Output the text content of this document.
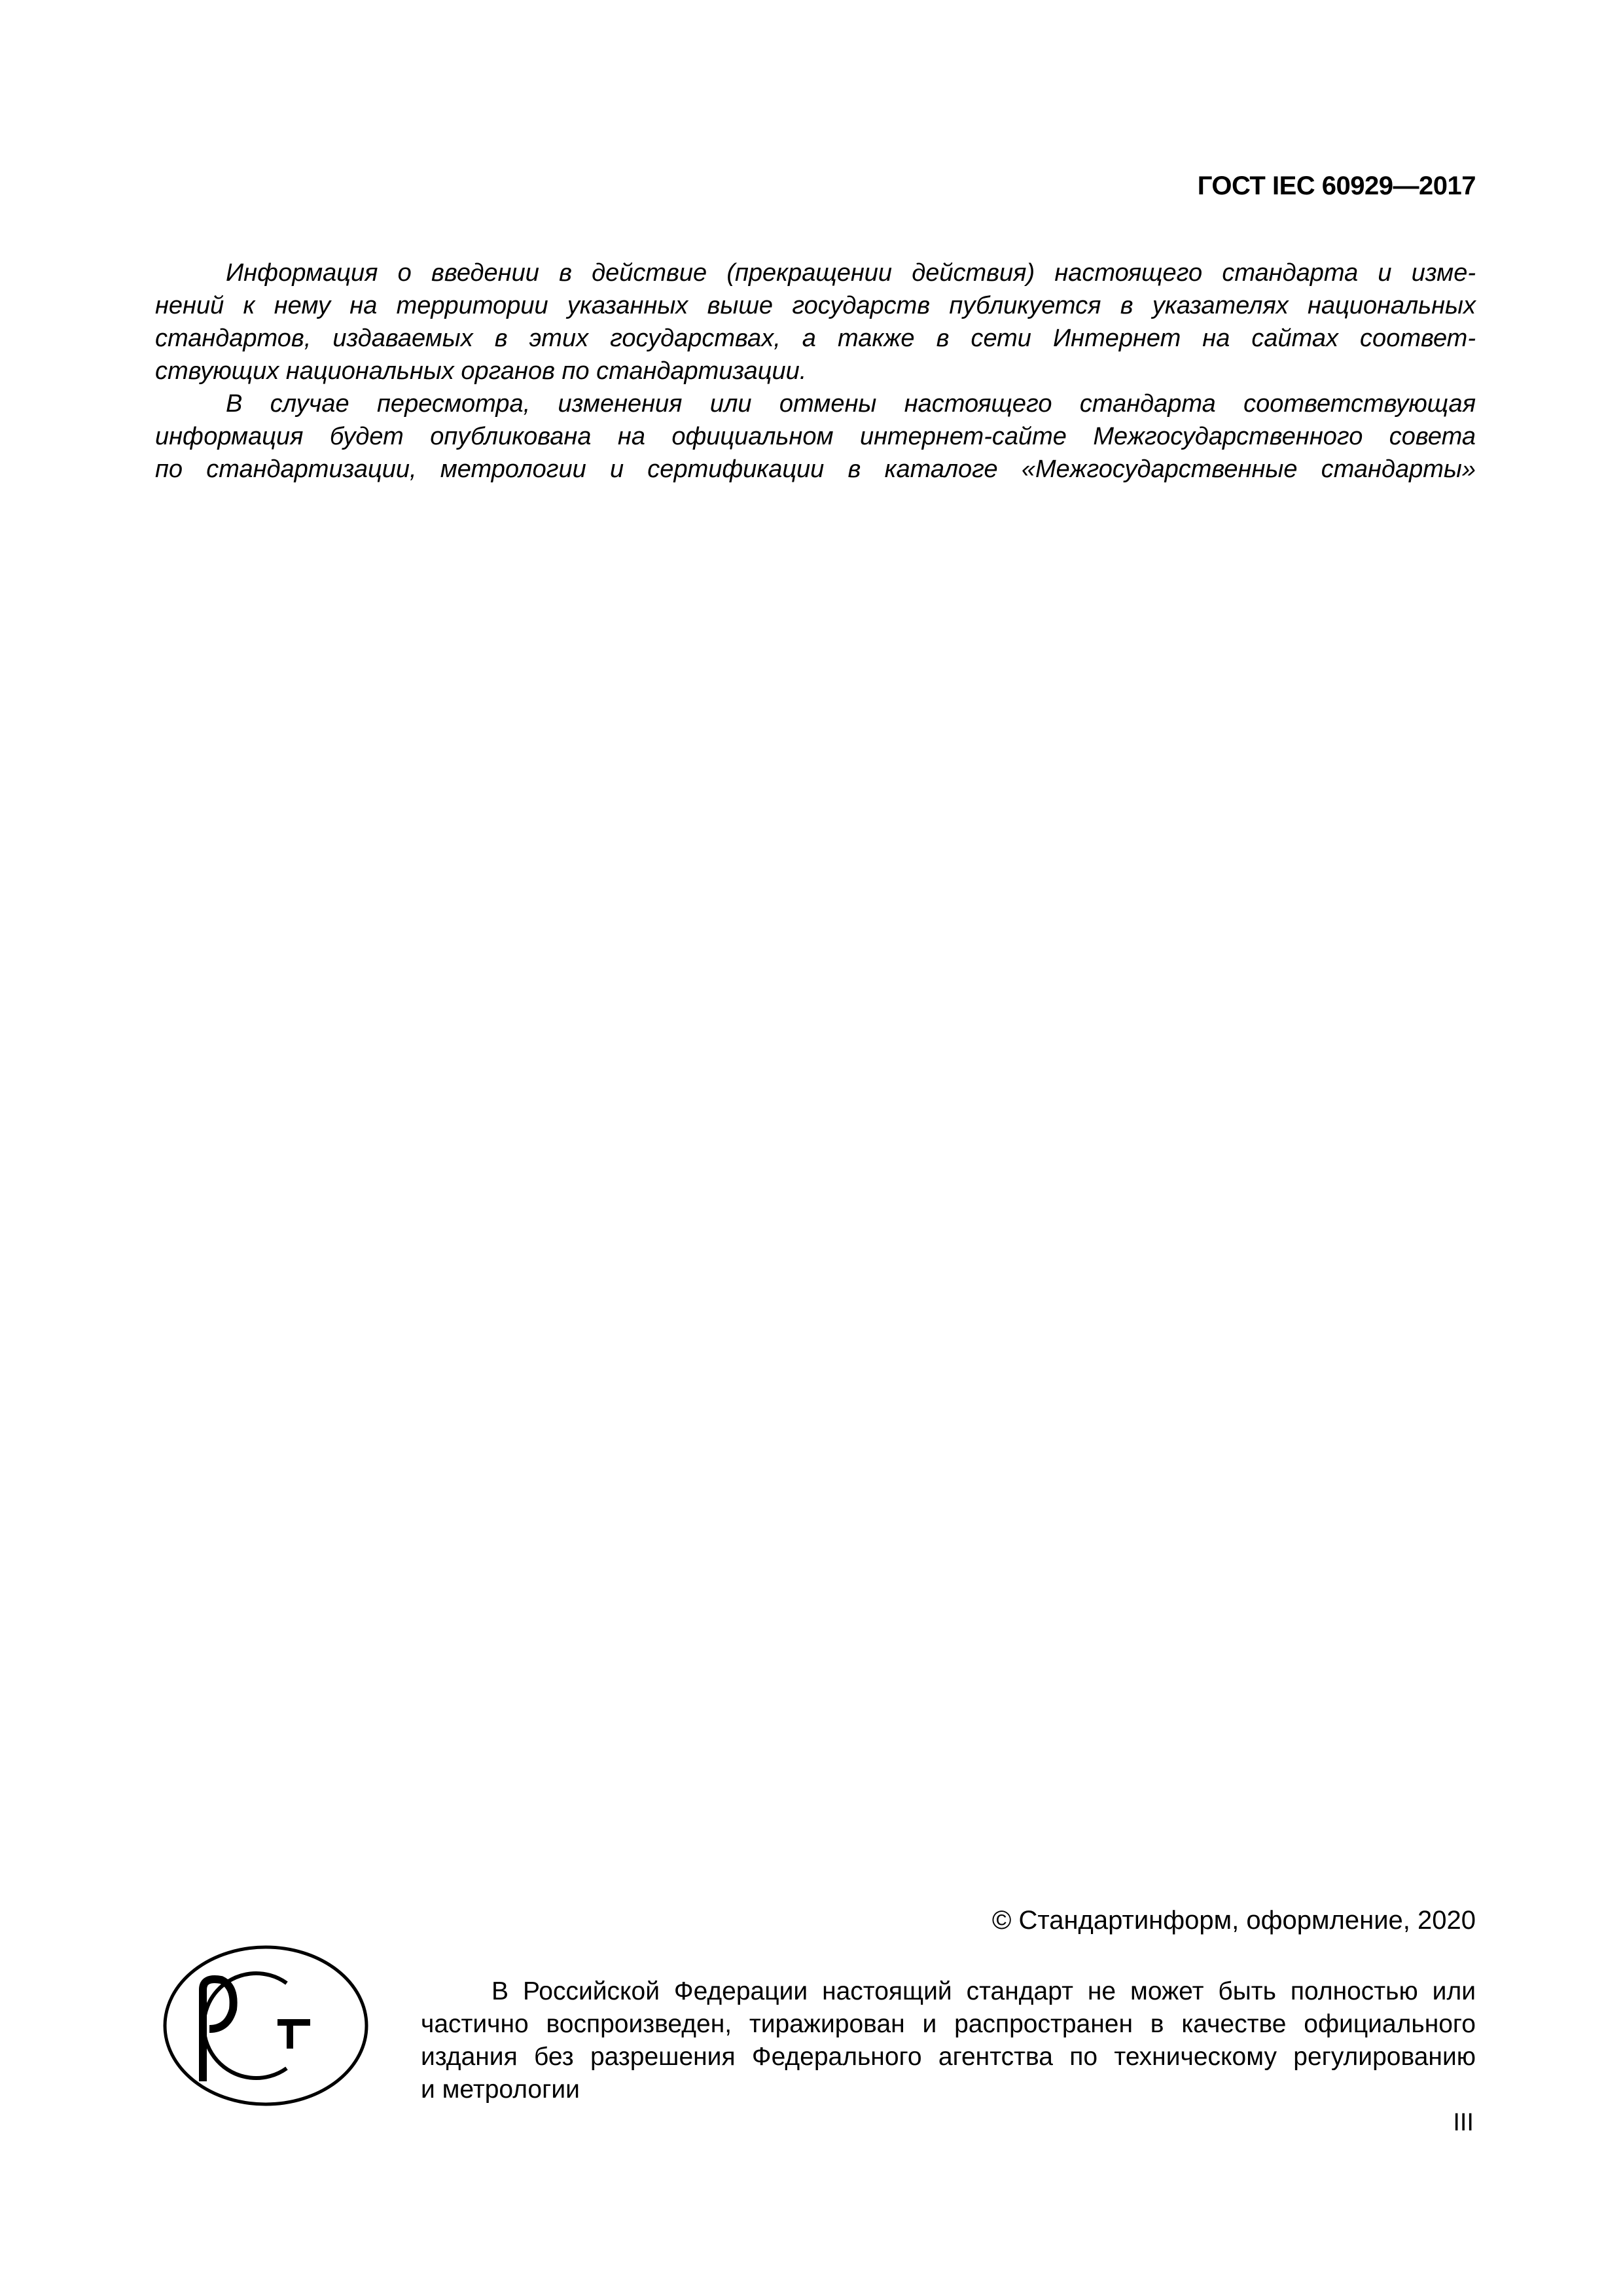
ГОСТ IEC 60929—2017
Информация о введении в действие (прекращении действия) настоящего стандарта и изме-
нений к нему на территории указанных выше государств публикуется в указателях национальных
стандартов, издаваемых в этих государствах, а также в сети Интернет на сайтах соответ-
ствующих национальных органов по стандартизации.
В случае пересмотра, изменения или отмены настоящего стандарта соответствующая
информация будет опубликована на официальном интернет-сайте Межгосударственного совета
по стандартизации, метрологии и сертификации в каталоге «Межгосударственные стандарты»
© Стандартинформ, оформление, 2020
В Российской Федерации настоящий стандарт не может быть полностью или
частично воспроизведен, тиражирован и распространен в качестве официального
издания без разрешения Федерального агентства по техническому регулированию
и метрологии
III
